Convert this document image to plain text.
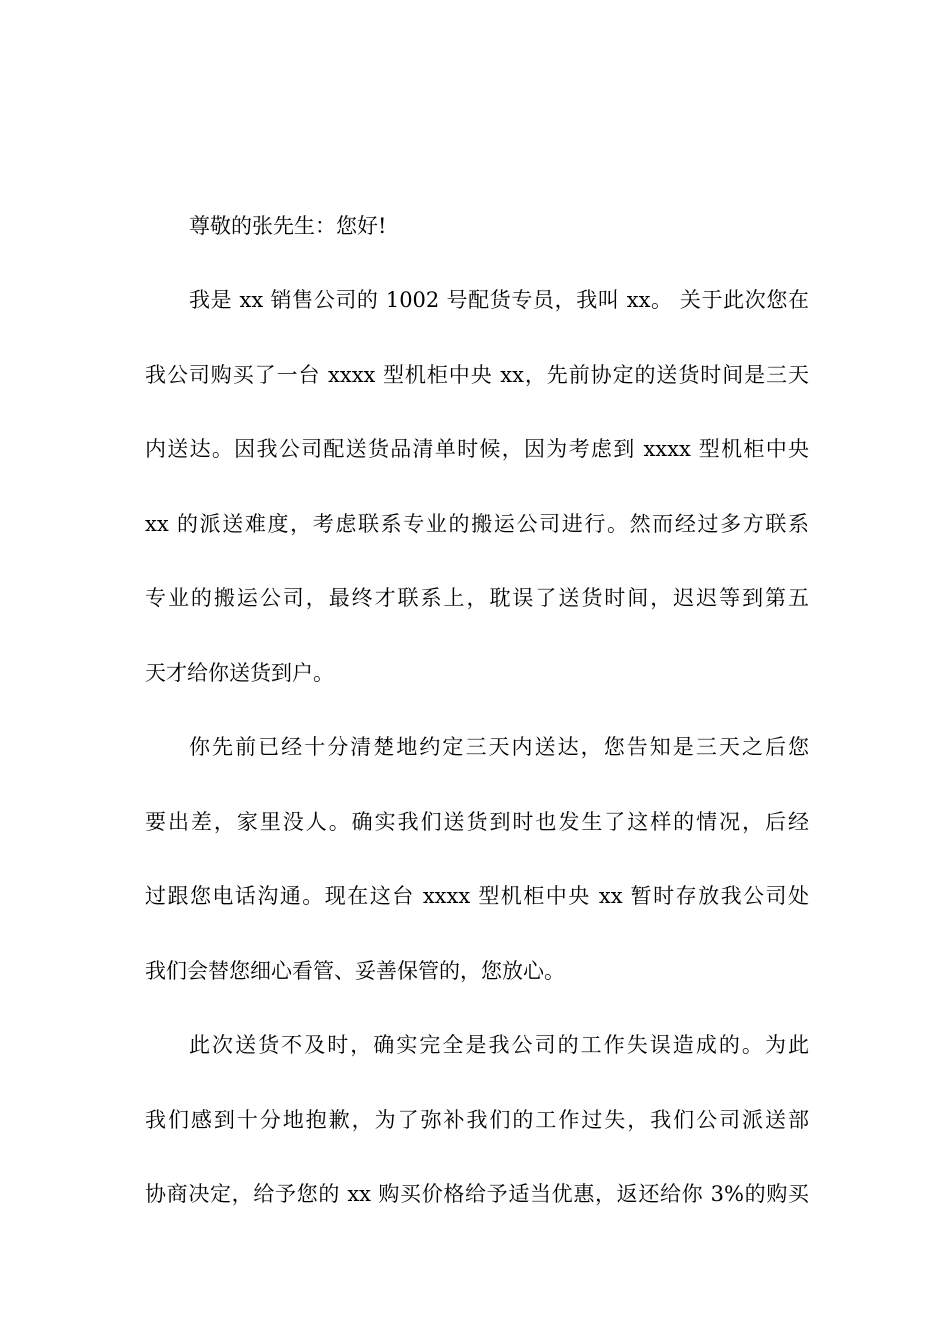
尊敬的张先生：您好!
我是 xx 销售公司的 1002 号配货专员，我叫 xx。 关于此次您在
我公司购买了一台 xxxx 型机柜中央 xx，先前协定的送货时间是三天
内送达。因我公司配送货品清单时候，因为考虑到 xxxx 型机柜中央
xx 的派送难度，考虑联系专业的搬运公司进行。然而经过多方联系
专业的搬运公司，最终才联系上，耽误了送货时间，迟迟等到第五
天才给你送货到户。
你先前已经十分清楚地约定三天内送达，您告知是三天之后您
要出差，家里没人。确实我们送货到时也发生了这样的情况，后经
过跟您电话沟通。现在这台 xxxx 型机柜中央 xx 暂时存放我公司处
我们会替您细心看管、妥善保管的，您放心。
此次送货不及时，确实完全是我公司的工作失误造成的。为此
我们感到十分地抱歉，为了弥补我们的工作过失，我们公司派送部
协商决定，给予您的 xx 购买价格给予适当优惠，返还给你 3%的购买
